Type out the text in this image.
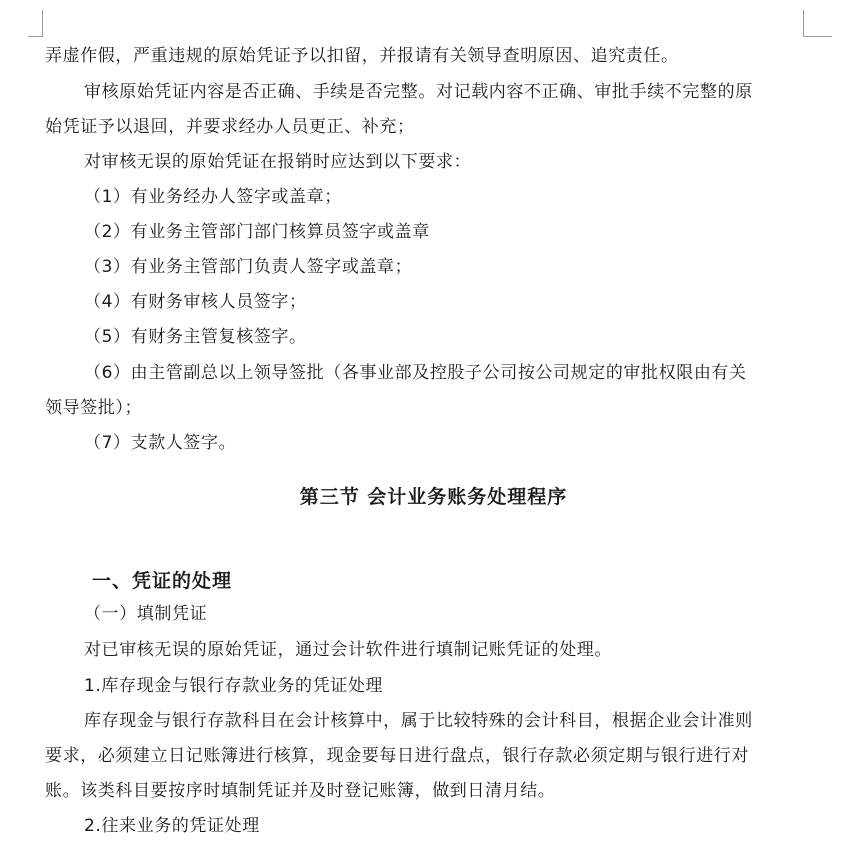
弄虚作假，严重违规的原始凭证予以扣留，并报请有关领导查明原因、追究责任。
审核原始凭证内容是否正确、手续是否完整。对记载内容不正确、审批手续不完整的原
始凭证予以退回，并要求经办人员更正、补充；
对审核无误的原始凭证在报销时应达到以下要求：
（1）有业务经办人签字或盖章；
（2）有业务主管部门部门核算员签字或盖章
（3）有业务主管部门负责人签字或盖章；
（4）有财务审核人员签字；
（5）有财务主管复核签字。
（6）由主管副总以上领导签批（各事业部及控股子公司按公司规定的审批权限由有关
领导签批）；
（7）支款人签字。
第三节 会计业务账务处理程序
一、凭证的处理
（一）填制凭证
对已审核无误的原始凭证，通过会计软件进行填制记账凭证的处理。
1.库存现金与银行存款业务的凭证处理
库存现金与银行存款科目在会计核算中，属于比较特殊的会计科目，根据企业会计准则
要求，必须建立日记账簿进行核算，现金要每日进行盘点，银行存款必须定期与银行进行对
账。该类科目要按序时填制凭证并及时登记账簿，做到日清月结。
2.往来业务的凭证处理
